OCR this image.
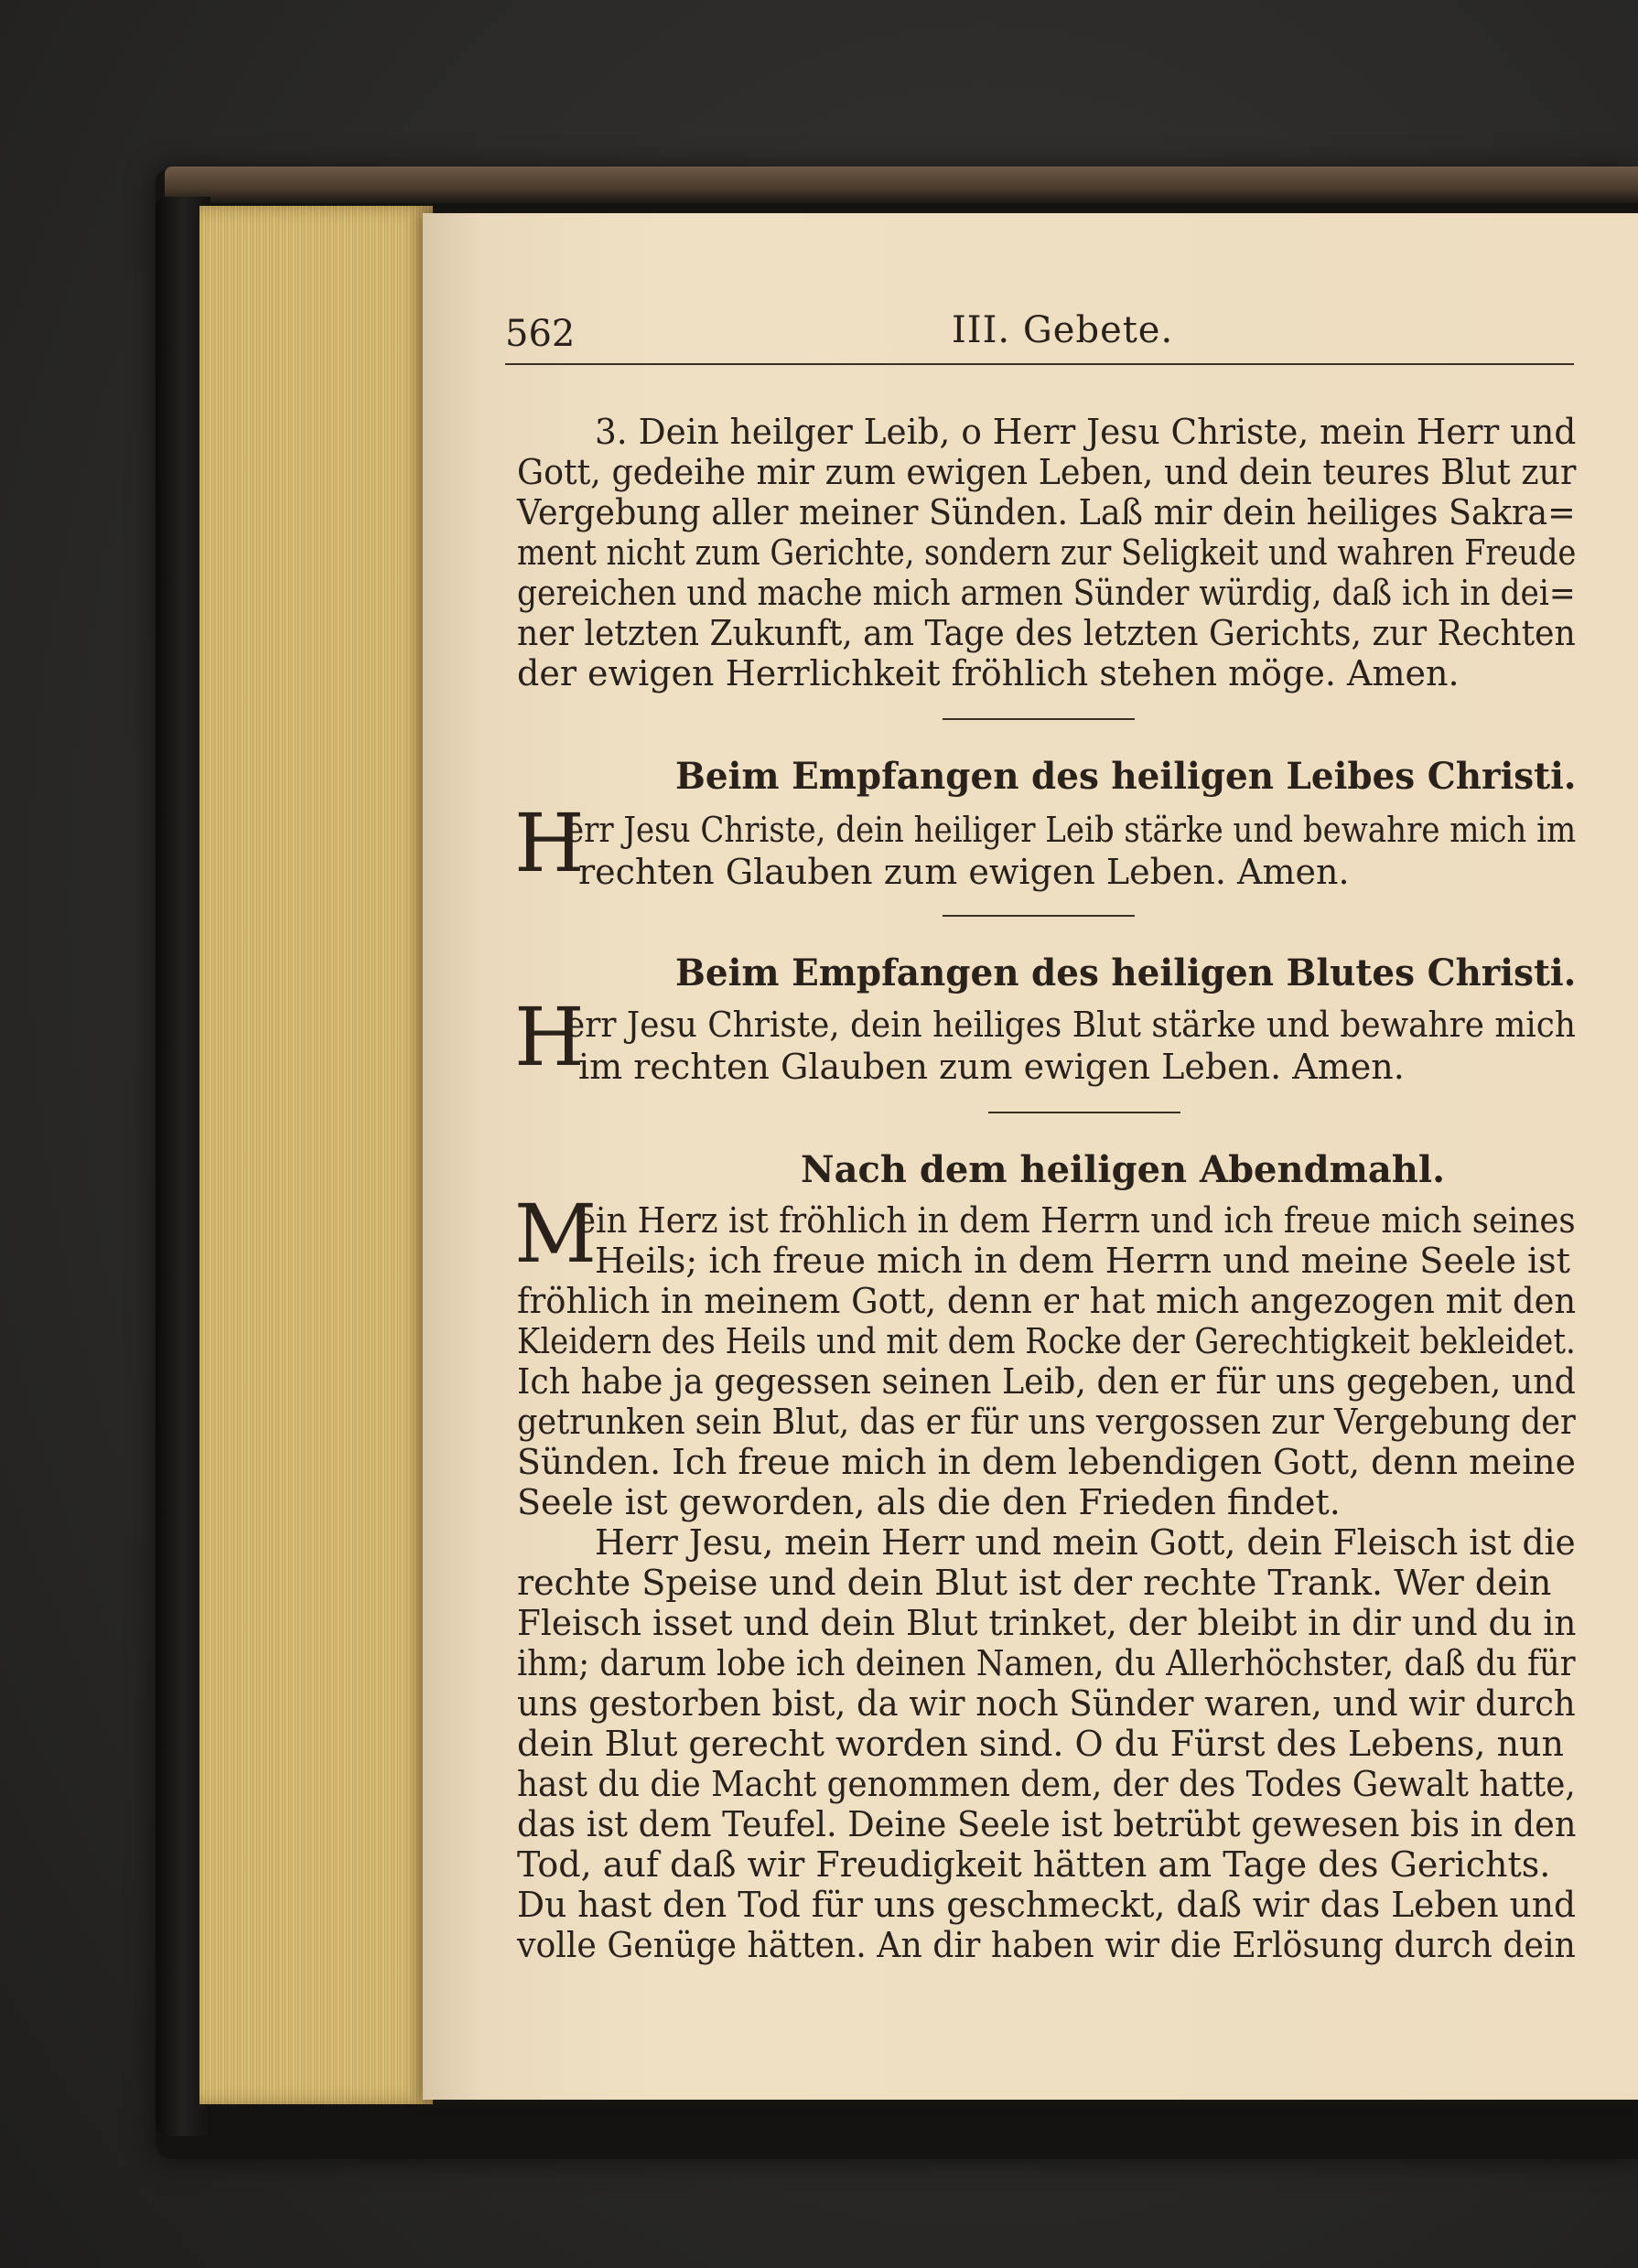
562	III. Gebete.
3. Dein heilger Leib, o Herr Jesu Christe, mein Herr und
Gott, gedeihe mir zum ewigen Leben, und dein teures Blut zur
Vergebung aller meiner Sünden. Laß mir dein heiliges Sakra=
ment nicht zum Gerichte, sondern zur Seligkeit und wahren Freude
gereichen und mache mich armen Sünder würdig, daß ich in dei=
ner letzten Zukunft, am Tage des letzten Gerichts, zur Rechten
der ewigen Herrlichkeit fröhlich stehen möge. Amen.
Beim Empfangen des heiligen Leibes Christi.
H
err Jesu Christe, dein heiliger Leib stärke und bewahre mich im
rechten Glauben zum ewigen Leben. Amen.
Beim Empfangen des heiligen Blutes Christi.
H
err Jesu Christe, dein heiliges Blut stärke und bewahre mich
im rechten Glauben zum ewigen Leben. Amen.
Nach dem heiligen Abendmahl.
M
ein Herz ist fröhlich in dem Herrn und ich freue mich seines
Heils; ich freue mich in dem Herrn und meine Seele ist
fröhlich in meinem Gott, denn er hat mich angezogen mit den
Kleidern des Heils und mit dem Rocke der Gerechtigkeit bekleidet.
Ich habe ja gegessen seinen Leib, den er für uns gegeben, und
getrunken sein Blut, das er für uns vergossen zur Vergebung der
Sünden. Ich freue mich in dem lebendigen Gott, denn meine
Seele ist geworden, als die den Frieden findet.
Herr Jesu, mein Herr und mein Gott, dein Fleisch ist die
rechte Speise und dein Blut ist der rechte Trank. Wer dein
Fleisch isset und dein Blut trinket, der bleibt in dir und du in
ihm; darum lobe ich deinen Namen, du Allerhöchster, daß du für
uns gestorben bist, da wir noch Sünder waren, und wir durch
dein Blut gerecht worden sind. O du Fürst des Lebens, nun
hast du die Macht genommen dem, der des Todes Gewalt hatte,
das ist dem Teufel. Deine Seele ist betrübt gewesen bis in den
Tod, auf daß wir Freudigkeit hätten am Tage des Gerichts.
Du hast den Tod für uns geschmeckt, daß wir das Leben und
volle Genüge hätten. An dir haben wir die Erlösung durch dein
